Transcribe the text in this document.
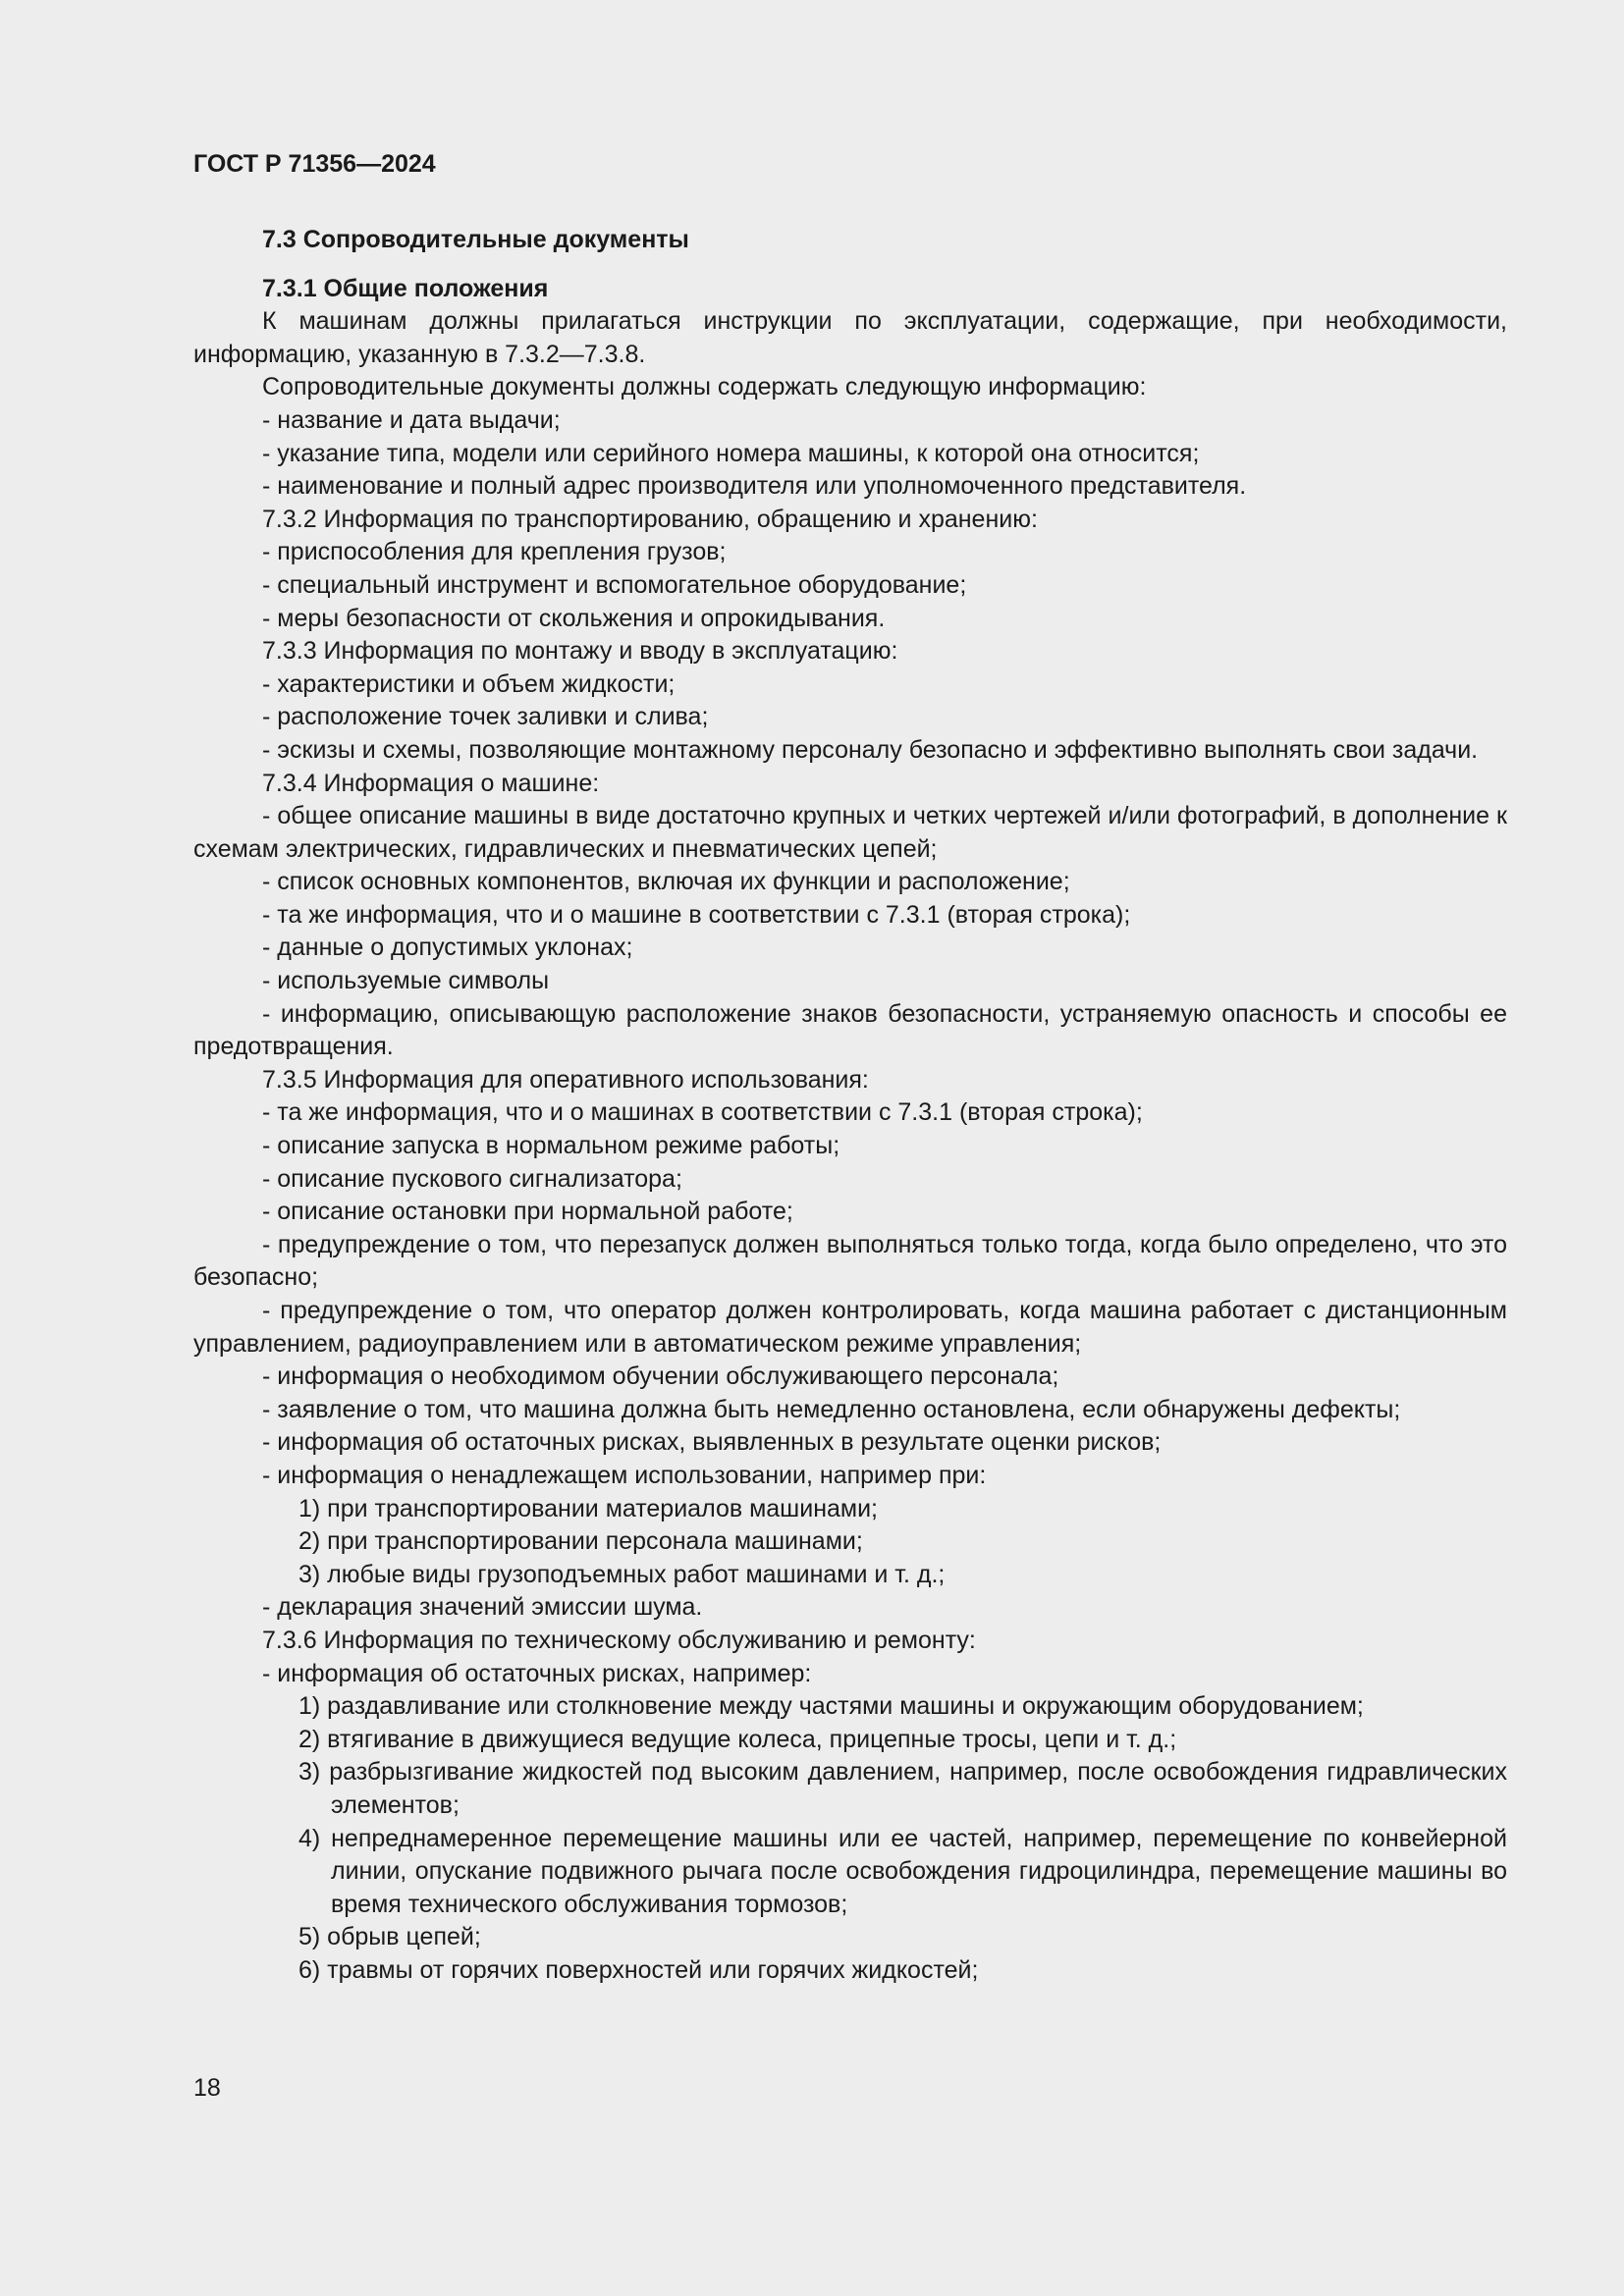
ГОСТ Р 71356—2024

7.3 Сопроводительные документы

7.3.1 Общие положения

К машинам должны прилагаться инструкции по эксплуатации, содержащие, при необходимости, информацию, указанную в 7.3.2—7.3.8.

Сопроводительные документы должны содержать следующую информацию:

- название и дата выдачи;

- указание типа, модели или серийного номера машины, к которой она относится;

- наименование и полный адрес производителя или уполномоченного представителя.

7.3.2 Информация по транспортированию, обращению и хранению:

- приспособления для крепления грузов;

- специальный инструмент и вспомогательное оборудование;

- меры безопасности от скольжения и опрокидывания.

7.3.3 Информация по монтажу и вводу в эксплуатацию:

- характеристики и объем жидкости;

- расположение точек заливки и слива;

- эскизы и схемы, позволяющие монтажному персоналу безопасно и эффективно выполнять свои задачи.

7.3.4 Информация о машине:

- общее описание машины в виде достаточно крупных и четких чертежей и/или фотографий, в дополнение к схемам электрических, гидравлических и пневматических цепей;

- список основных компонентов, включая их функции и расположение;

- та же информация, что и о машине в соответствии с 7.3.1 (вторая строка);

- данные о допустимых уклонах;

- используемые символы

- информацию, описывающую расположение знаков безопасности, устраняемую опасность и способы ее предотвращения.

7.3.5 Информация для оперативного использования:

- та же информация, что и о машинах в соответствии с 7.3.1 (вторая строка);

- описание запуска в нормальном режиме работы;

- описание пускового сигнализатора;

- описание остановки при нормальной работе;

- предупреждение о том, что перезапуск должен выполняться только тогда, когда было определено, что это безопасно;

- предупреждение о том, что оператор должен контролировать, когда машина работает с дистанционным управлением, радиоуправлением или в автоматическом режиме управления;

- информация о необходимом обучении обслуживающего персонала;

- заявление о том, что машина должна быть немедленно остановлена, если обнаружены дефекты;

- информация об остаточных рисках, выявленных в результате оценки рисков;

- информация о ненадлежащем использовании, например при:

1) при транспортировании материалов машинами;

2) при транспортировании персонала машинами;

3) любые виды грузоподъемных работ машинами и т. д.;

- декларация значений эмиссии шума.

7.3.6 Информация по техническому обслуживанию и ремонту:

- информация об остаточных рисках, например:

1) раздавливание или столкновение между частями машины и окружающим оборудованием;

2) втягивание в движущиеся ведущие колеса, прицепные тросы, цепи и т. д.;

3) разбрызгивание жидкостей под высоким давлением, например, после освобождения гидравлических элементов;

4) непреднамеренное перемещение машины или ее частей, например, перемещение по конвейерной линии, опускание подвижного рычага после освобождения гидроцилиндра, перемещение машины во время технического обслуживания тормозов;

5) обрыв цепей;

6) травмы от горячих поверхностей или горячих жидкостей;

18
